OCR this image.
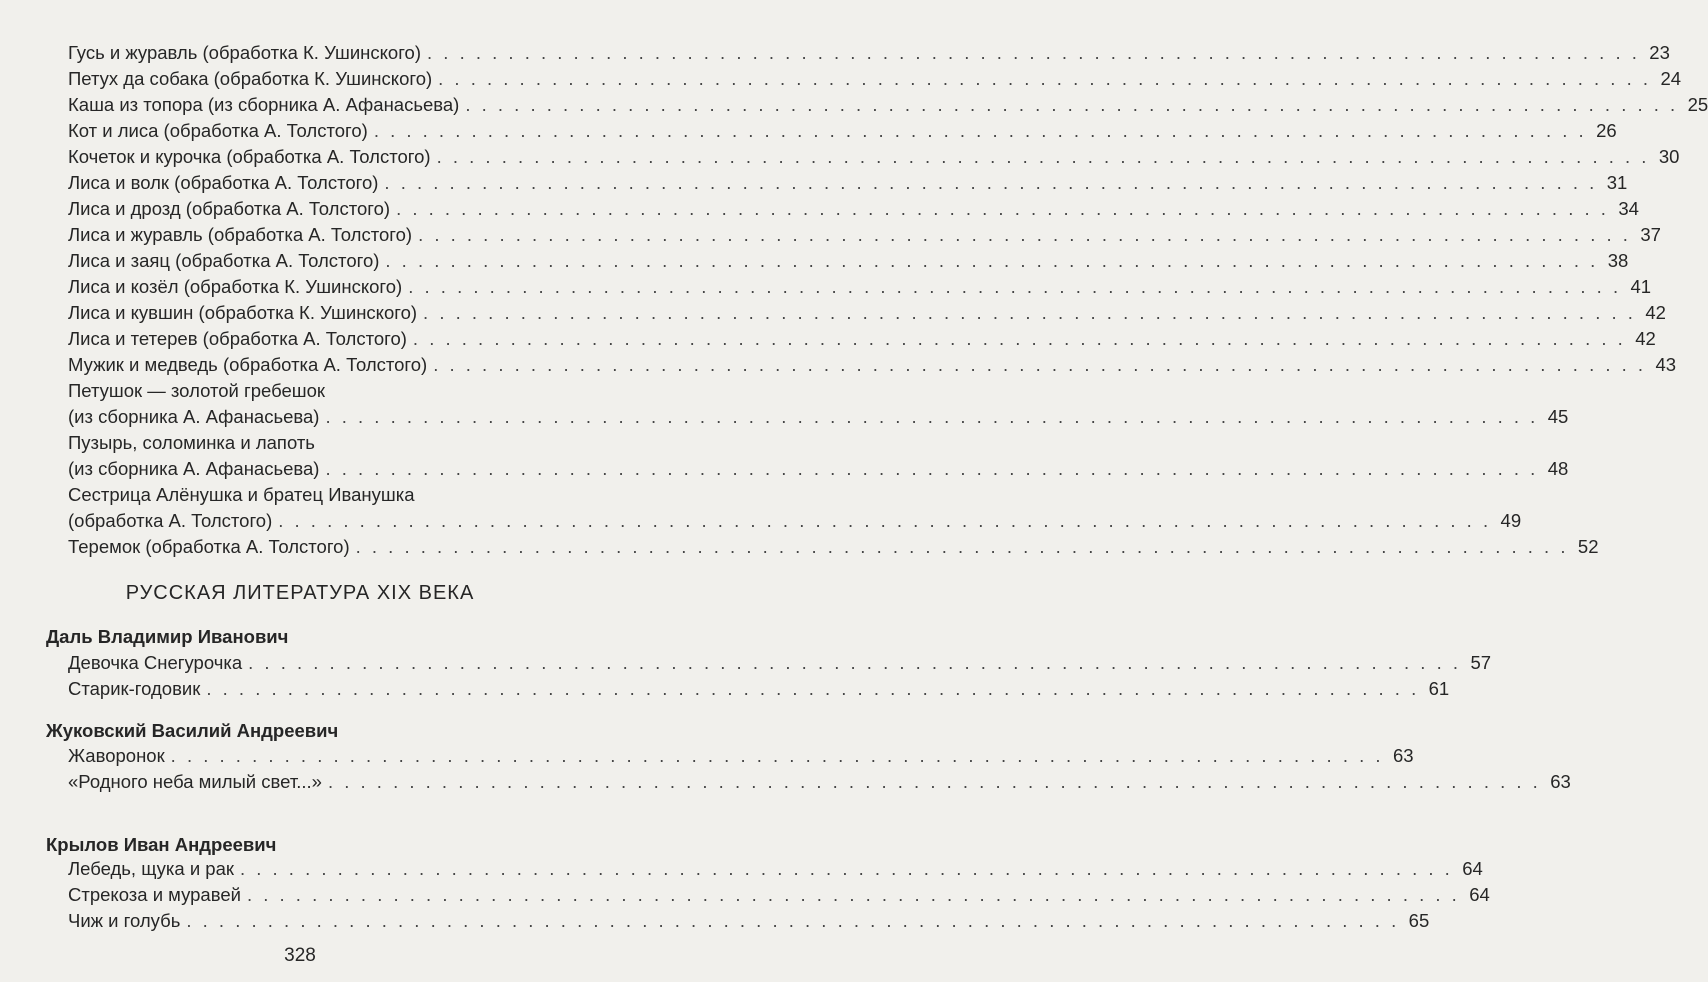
Гусь и журавль (обработка К. Ушинского) . . . . . . . . . . . . . . . . . . . . . . . . . . . . . . . . . . . . . . . . . . . . . . . . . . . . . . . . . . . . . . . . . . . . . . . . . . . 23
Петух да собака (обработка К. Ушинского) . . . . . . . . . . . . . . . . . . . . . . . . . . . . . . . . . . . . . . . . . . . . . . . . . . . . . . . . . . . . . . . . . . . . . . . . . . . 24
Каша из топора (из сборника А. Афанасьева) . . . . . . . . . . . . . . . . . . . . . . . . . . . . . . . . . . . . . . . . . . . . . . . . . . . . . . . . . . . . . . . . . . . . . . . . . . . 25
Кот и лиса (обработка А. Толстого) . . . . . . . . . . . . . . . . . . . . . . . . . . . . . . . . . . . . . . . . . . . . . . . . . . . . . . . . . . . . . . . . . . . . . . . . . . . 26
Кочеток и курочка (обработка А. Толстого) . . . . . . . . . . . . . . . . . . . . . . . . . . . . . . . . . . . . . . . . . . . . . . . . . . . . . . . . . . . . . . . . . . . . . . . . . . . 30
Лиса и волк (обработка А. Толстого) . . . . . . . . . . . . . . . . . . . . . . . . . . . . . . . . . . . . . . . . . . . . . . . . . . . . . . . . . . . . . . . . . . . . . . . . . . . 31
Лиса и дрозд (обработка А. Толстого) . . . . . . . . . . . . . . . . . . . . . . . . . . . . . . . . . . . . . . . . . . . . . . . . . . . . . . . . . . . . . . . . . . . . . . . . . . . 34
Лиса и журавль (обработка А. Толстого) . . . . . . . . . . . . . . . . . . . . . . . . . . . . . . . . . . . . . . . . . . . . . . . . . . . . . . . . . . . . . . . . . . . . . . . . . . . 37
Лиса и заяц (обработка А. Толстого) . . . . . . . . . . . . . . . . . . . . . . . . . . . . . . . . . . . . . . . . . . . . . . . . . . . . . . . . . . . . . . . . . . . . . . . . . . . 38
Лиса и козёл (обработка К. Ушинского) . . . . . . . . . . . . . . . . . . . . . . . . . . . . . . . . . . . . . . . . . . . . . . . . . . . . . . . . . . . . . . . . . . . . . . . . . . . 41
Лиса и кувшин (обработка К. Ушинского) . . . . . . . . . . . . . . . . . . . . . . . . . . . . . . . . . . . . . . . . . . . . . . . . . . . . . . . . . . . . . . . . . . . . . . . . . . . 42
Лиса и тетерев (обработка А. Толстого) . . . . . . . . . . . . . . . . . . . . . . . . . . . . . . . . . . . . . . . . . . . . . . . . . . . . . . . . . . . . . . . . . . . . . . . . . . . 42
Мужик и медведь (обработка А. Толстого) . . . . . . . . . . . . . . . . . . . . . . . . . . . . . . . . . . . . . . . . . . . . . . . . . . . . . . . . . . . . . . . . . . . . . . . . . . . 43
Петушок — золотой гребешок
(из сборника А. Афанасьева) . . . . . . . . . . . . . . . . . . . . . . . . . . . . . . . . . . . . . . . . . . . . . . . . . . . . . . . . . . . . . . . . . . . . . . . . . . . 45
Пузырь, соломинка и лапоть
(из сборника А. Афанасьева) . . . . . . . . . . . . . . . . . . . . . . . . . . . . . . . . . . . . . . . . . . . . . . . . . . . . . . . . . . . . . . . . . . . . . . . . . . . 48
Сестрица Алёнушка и братец Иванушка
(обработка А. Толстого) . . . . . . . . . . . . . . . . . . . . . . . . . . . . . . . . . . . . . . . . . . . . . . . . . . . . . . . . . . . . . . . . . . . . . . . . . . . 49
Теремок (обработка А. Толстого) . . . . . . . . . . . . . . . . . . . . . . . . . . . . . . . . . . . . . . . . . . . . . . . . . . . . . . . . . . . . . . . . . . . . . . . . . . . 52
РУССКАЯ ЛИТЕРАТУРА XIX ВЕКА
Даль Владимир Иванович
Девочка Снегурочка . . . . . . . . . . . . . . . . . . . . . . . . . . . . . . . . . . . . . . . . . . . . . . . . . . . . . . . . . . . . . . . . . . . . . . . . . . . 57
Старик-годовик . . . . . . . . . . . . . . . . . . . . . . . . . . . . . . . . . . . . . . . . . . . . . . . . . . . . . . . . . . . . . . . . . . . . . . . . . . . 61
Жуковский Василий Андреевич
Жаворонок . . . . . . . . . . . . . . . . . . . . . . . . . . . . . . . . . . . . . . . . . . . . . . . . . . . . . . . . . . . . . . . . . . . . . . . . . . . 63
«Родного неба милый свет...» . . . . . . . . . . . . . . . . . . . . . . . . . . . . . . . . . . . . . . . . . . . . . . . . . . . . . . . . . . . . . . . . . . . . . . . . . . . 63
Крылов Иван Андреевич
Лебедь, щука и рак . . . . . . . . . . . . . . . . . . . . . . . . . . . . . . . . . . . . . . . . . . . . . . . . . . . . . . . . . . . . . . . . . . . . . . . . . . . 64
Стрекоза и муравей . . . . . . . . . . . . . . . . . . . . . . . . . . . . . . . . . . . . . . . . . . . . . . . . . . . . . . . . . . . . . . . . . . . . . . . . . . . 64
Чиж и голубь . . . . . . . . . . . . . . . . . . . . . . . . . . . . . . . . . . . . . . . . . . . . . . . . . . . . . . . . . . . . . . . . . . . . . . . . . . . 65
328
